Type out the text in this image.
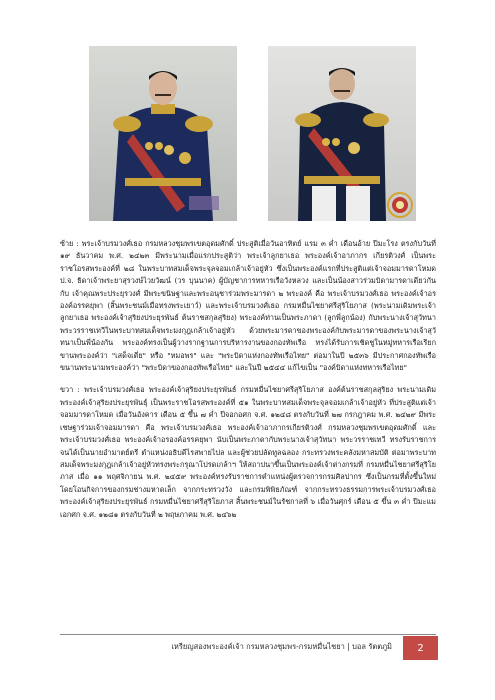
ซ้าย : พระเจ้าบรมวงศ์เธอ กรมหลวงชุมพรเขตอุดมศักดิ์ ประสูติเมื่อวันอาทิตย์ แรม ๓ ค่ำ เดือนอ้าย ปีมะโรง ตรงกับวันที่ ๑๙ ธันวาคม พ.ศ. ๒๔๒๓ มีพระนามเมื่อแรกประสูติว่า พระเจ้าลูกยาเธอ พระองค์เจ้าอาภากร เกียรติวงศ์ เป็นพระราชโอรสพระองค์ที่ ๒๘ ในพระบาทสมเด็จพระจุลจอมเกล้าเจ้าอยู่หัว ซึ่งเป็นพระองค์แรกที่ประสูติแต่เจ้าจอมมารดาโหมด ป.จ. ธิดาเจ้าพระยาสุรวงษ์ไวยวัฒน์ (วร บุนนาค) ผู้บัญชาการทหารเรือวังหลวง และเป็นน้องสาวร่วมบิดามารดาเดียวกันกับ เจ้าคุณพระประยุรวงศ์ มีพระขนิษฐาและพระอนุชาร่วมพระมารดา ๒ พระองค์ คือ พระเจ้าบรมวงศ์เธอ พระองค์เจ้าอรองค์อรรคยุพา (สิ้นพระชนม์เมื่อทรงพระเยาว์) และพระเจ้าบรมวงศ์เธอ กรมหมื่นไชยาศรีสุริโยภาส (พระนามเดิมพระเจ้าลูกยาเธอ พระองค์เจ้าสุริยงประยุรพันธ์ ต้นราชสกุลสุริยง) พระองค์ท่านเป็นพระภาดา (ลูกพี่ลูกน้อง) กับพระนางเจ้าสุวัทนา พระวรราชเทวีในพระบาทสมเด็จพระมงกุฎเกล้าเจ้าอยู่หัว ด้วยพระมารดาของพระองค์กับพระมารดาของพระนางเจ้าสุวัทนาเป็นพี่น้องกัน พระองค์ทรงเป็นผู้วางรากฐานการบริหารงานของกองทัพเรือ ทรงได้รับการเชิดชูในหมู่ทหารเรือเรียกขานพระองค์ว่า "เสด็จเตี่ย" หรือ "หมอพร" และ "พระบิดาแห่งกองทัพเรือไทย" ต่อมาในปี ๒๕๓๖ มีประกาศกองทัพเรือขนานพระนามพระองค์ว่า "พระบิดาของกองทัพเรือไทย" และในปี ๒๕๔๔ แก้ไขเป็น "องค์บิดาแห่งทหารเรือไทย"

ขวา : พระเจ้าบรมวงศ์เธอ พระองค์เจ้าสุริยงประยุรพันธ์ กรมหมื่นไชยาศรีสุริโยภาส องค์ต้นราชสกุลสุริยง พระนามเดิม พระองค์เจ้าสุริยงประยุรพันธุ์ เป็นพระราชโอรสพระองค์ที่ ๕๑ ในพระบาทสมเด็จพระจุลจอมเกล้าเจ้าอยู่หัว ที่ประสูติแต่เจ้าจอมมารดาโหมด เมื่อวันอังคาร เดือน ๕ ขึ้น ๗ ค่ำ ปีจอกอศก จ.ศ. ๑๒๔๘ ตรงกับวันที่ ๒๗ กรกฎาคม พ.ศ. ๒๔๒๙ มีพระเชษฐาร่วมเจ้าจอมมารดา คือ พระเจ้าบรมวงศ์เธอ พระองค์เจ้าอาภากรเกียรติวงศ์ กรมหลวงชุมพรเขตอุดมศักดิ์ และพระเจ้าบรมวงศ์เธอ พระองค์เจ้าอรองค์อรรคยุพา นับเป็นพระภาดากับพระนางเจ้าสุวัทนา พระวรราชเทวี ทรงรับราชการจนได้เป็นนายอำมาตย์ตรี ตำแหน่งอธิบดีไรสพายไปล และผู้ช่วยปลัดทูลฉลอง กระทรวงพระคลังมหาสมบัติ ต่อมาพระบาทสมเด็จพระมงกุฎเกล้าเจ้าอยู่หัวทรงพระกรุณาโปรดเกล้าฯ ให้สถาปนาขึ้นเป็นพระองค์เจ้าต่างกรมที่ กรมหมื่นไชยาศรีสุริโยภาส เมื่อ ๑๑ พฤศจิกายน พ.ศ. ๒๔๕๙ พระองค์ทรงรับราชการตำแหน่งผู้ตรวจการกรมศิลปากร ซึ่งเป็นกรมที่ตั้งขึ้นใหม่ โดยโอนกิจการของกรมช่างมหาดเล็ก จากกระทรวงวัง และกรมพิพิธภัณฑ์ จากกระทรวงธรรมการพระเจ้าบรมวงศ์เธอ พระองค์เจ้าสุริยงประยุรพันธ์ กรมหมื่นไชยาศรีสุริโยภาส สิ้นพระชนม์ในรัชกาลที่ ๖ เมื่อวันศุกร์ เดือน ๕ ขึ้น ๓ ค่ำ ปีมะแมเอกศก จ.ศ. ๑๒๘๑ ตรงกับวันที่ ๒ พฤษภาคม พ.ศ. ๒๔๖๒

เหรียญสองพระองค์เจ้า กรมหลวงชุมพร-กรมหมื่นไชยา | บอล รัตตภูมิ	2
